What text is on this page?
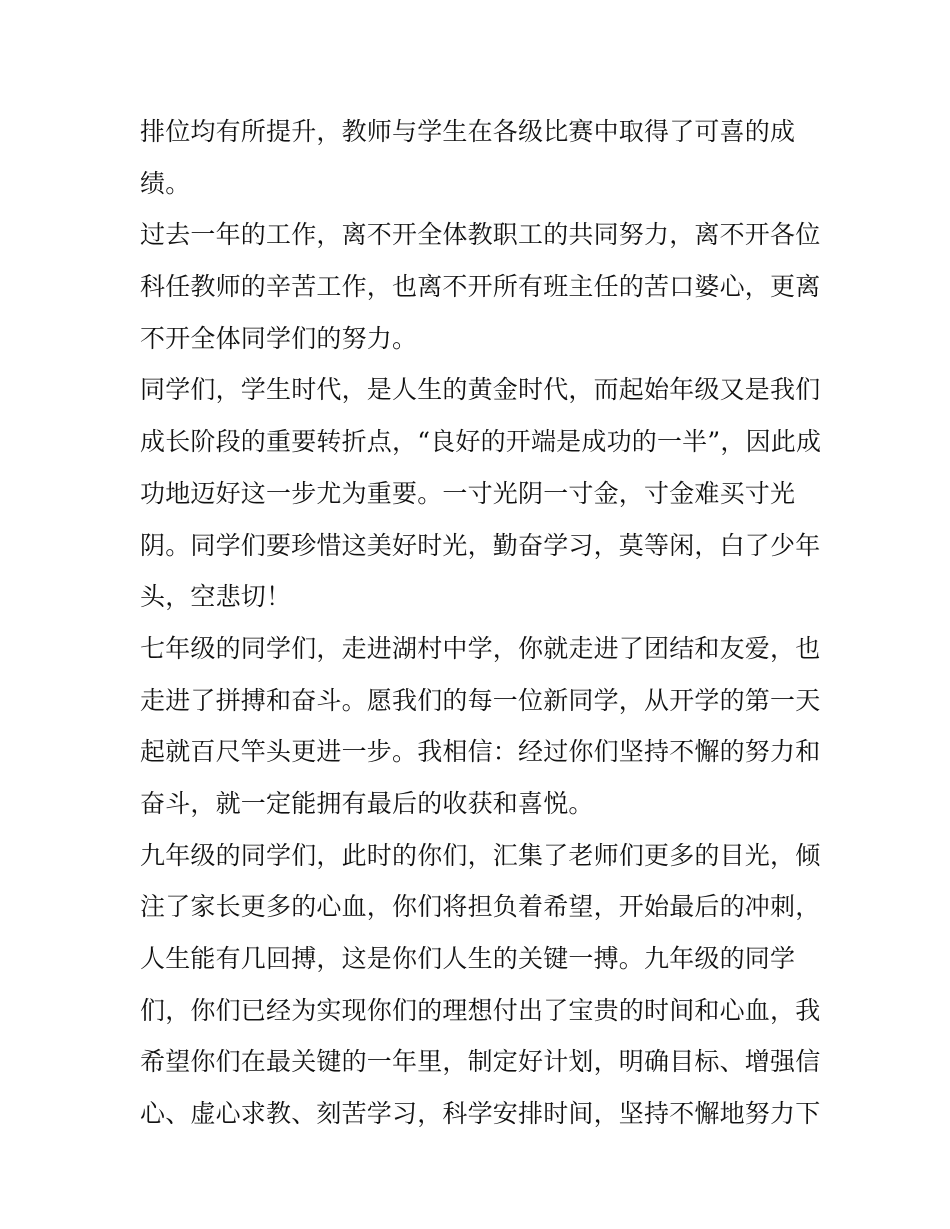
排位均有所提升，教师与学生在各级比赛中取得了可喜的成
绩。
过去一年的工作，离不开全体教职工的共同努力，离不开各位
科任教师的辛苦工作，也离不开所有班主任的苦口婆心，更离
不开全体同学们的努力。
同学们，学生时代，是人生的黄金时代，而起始年级又是我们
成长阶段的重要转折点，“良好的开端是成功的一半”，因此成
功地迈好这一步尤为重要。一寸光阴一寸金，寸金难买寸光
阴。同学们要珍惜这美好时光，勤奋学习，莫等闲，白了少年
头，空悲切！
七年级的同学们，走进湖村中学，你就走进了团结和友爱，也
走进了拼搏和奋斗。愿我们的每一位新同学，从开学的第一天
起就百尺竿头更进一步。我相信：经过你们坚持不懈的努力和
奋斗，就一定能拥有最后的收获和喜悦。
九年级的同学们，此时的你们，汇集了老师们更多的目光，倾
注了家长更多的心血，你们将担负着希望，开始最后的冲刺，
人生能有几回搏，这是你们人生的关键一搏。九年级的同学
们，你们已经为实现你们的理想付出了宝贵的时间和心血，我
希望你们在最关键的一年里，制定好计划，明确目标、增强信
心、虚心求教、刻苦学习，科学安排时间，坚持不懈地努力下
